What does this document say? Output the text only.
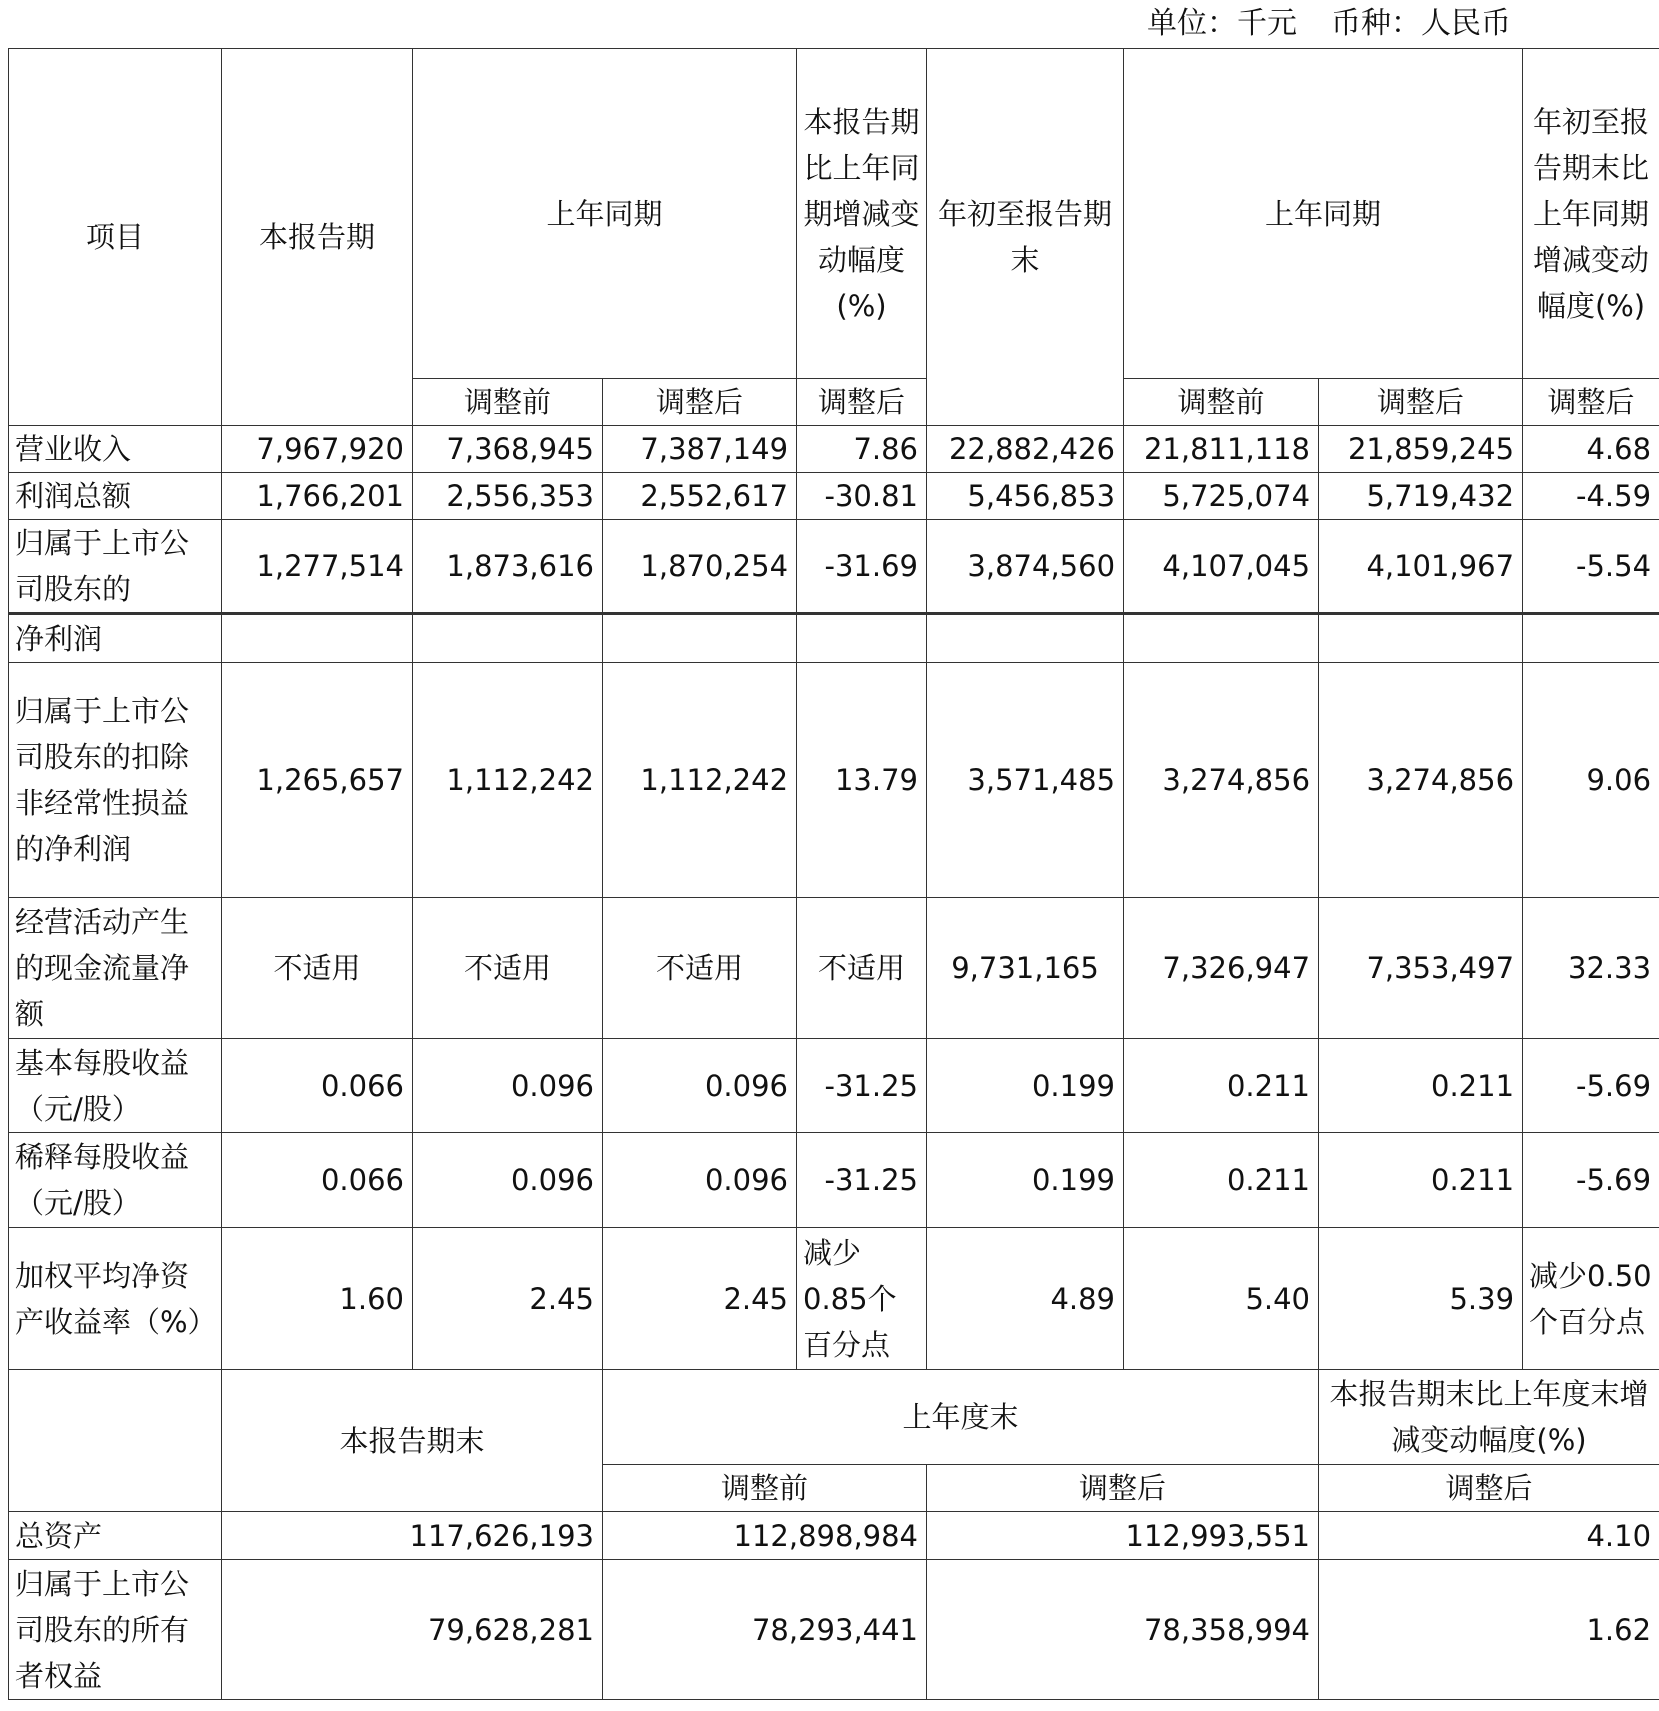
单位：千元 币种：人民币
项目	本报告期	上年同期		本报告期比上年同期增减变动幅度(%)	年初至报告期末	上年同期		年初至报告期末比上年同期增减变动幅度(%)
		调整前	调整后	调整后		调整前	调整后	调整后
营业收入	7,967,920	7,368,945	7,387,149	7.86	22,882,426	21,811,118	21,859,245	4.68
利润总额	1,766,201	2,556,353	2,552,617	-30.81	5,456,853	5,725,074	5,719,432	-4.59
归属于上市公司股东的	1,277,514	1,873,616	1,870,254	-31.69	3,874,560	4,107,045	4,101,967	-5.54
净利润								
归属于上市公司股东的扣除非经常性损益的净利润	1,265,657	1,112,242	1,112,242	13.79	3,571,485	3,274,856	3,274,856	9.06
经营活动产生的现金流量净额	不适用	不适用	不适用	不适用	9,731,165	7,326,947	7,353,497	32.33
基本每股收益（元/股）	0.066	0.096	0.096	-31.25	0.199	0.211	0.211	-5.69
稀释每股收益（元/股）	0.066	0.096	0.096	-31.25	0.199	0.211	0.211	-5.69
加权平均净资产收益率（%）	1.60	2.45	2.45	减少0.85个百分点	4.89	5.40	5.39	减少0.50个百分点
	本报告期末		上年度末				本报告期末比上年度末增减变动幅度(%)	
			调整前		调整后		调整后	
总资产	117,626,193		112,898,984		112,993,551		4.10	
归属于上市公司股东的所有者权益	79,628,281		78,293,441		78,358,994		1.62	
